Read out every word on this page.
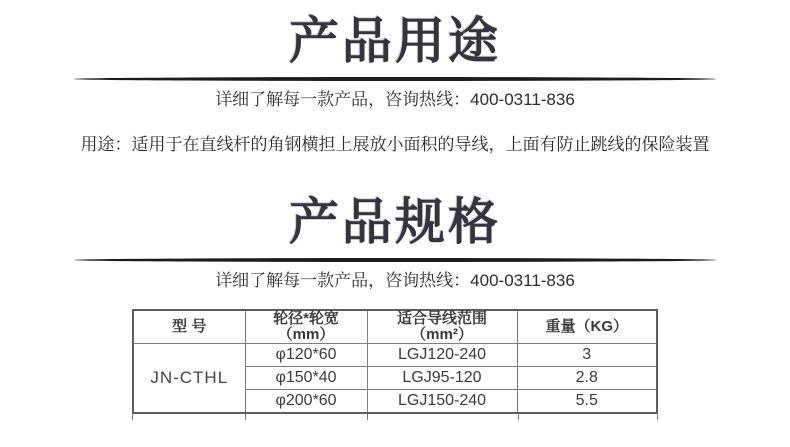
产品用途

详细了解每一款产品，咨询热线：400-0311-836

用途：适用于在直线杆的角钢横担上展放小面积的导线，上面有防止跳线的保险装置

产品规格

详细了解每一款产品，咨询热线：400-0311-836

型 号	轮径*轮宽（mm）	适合导线范围（mm²）	重量（KG）
JN-CTHL	φ120*60	LGJ120-240	3
	φ150*40	LGJ95-120	2.8
	φ200*60	LGJ150-240	5.5
